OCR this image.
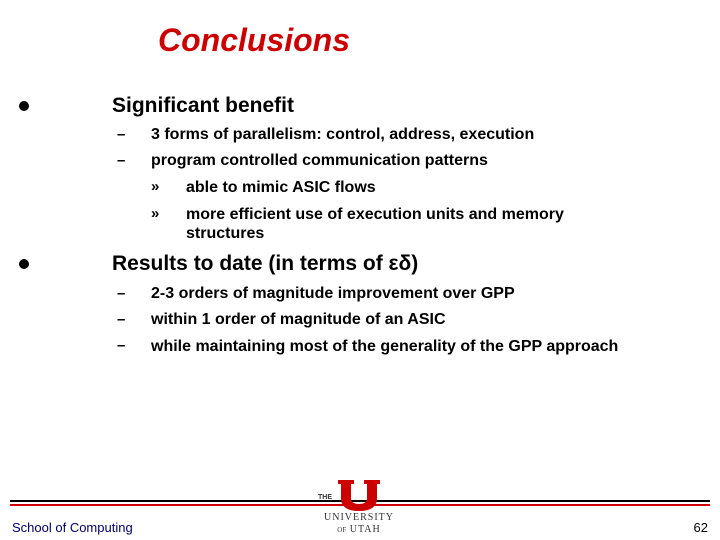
Conclusions
Significant benefit
– 3 forms of parallelism: control, address, execution
– program controlled communication patterns
» able to mimic ASIC flows
» more efficient use of execution units and memory structures
Results to date (in terms of εδ)
– 2-3 orders of magnitude improvement over GPP
– within 1 order of magnitude of an ASIC
– while maintaining most of the generality of the GPP approach
THE
UNIVERSITY
OF UTAH
School of Computing	62
